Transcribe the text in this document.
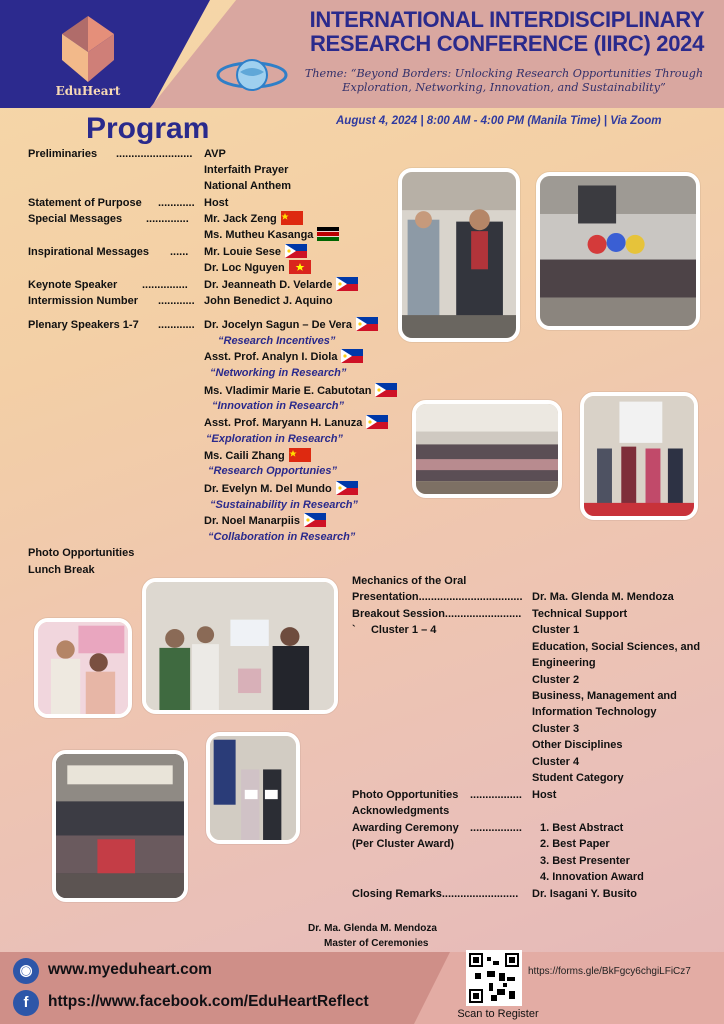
EduHeart
INTERNATIONAL INTERDISCIPLINARY
RESEARCH CONFERENCE (IIRC) 2024
Theme: “Beyond Borders: Unlocking Research Opportunities Through
Exploration, Networking, Innovation, and Sustainability”
Program	August 4, 2024 | 8:00 AM - 4:00 PM (Manila Time) | Via Zoom
Preliminaries ......................... AVP
Interfaith Prayer
National Anthem
Statement of Purpose ............ Host
Special Messages .............. Mr. Jack Zeng
Ms. Mutheu Kasanga
Inspirational Messages ...... Mr. Louie Sese
Dr. Loc Nguyen
Keynote Speaker ............... Dr. Jeanneath D. Velarde
Intermission Number ............ John Benedict J. Aquino
Plenary Speakers 1-7 ............ Dr. Jocelyn Sagun – De Vera
“Research Incentives”
Asst. Prof. Analyn I. Diola
“Networking in Research”
Ms. Vladimir Marie E. Cabutotan
“Innovation in Research”
Asst. Prof. Maryann H. Lanuza
“Exploration in Research”
Ms. Caili Zhang
“Research Opportunies”
Dr. Evelyn M. Del Mundo
“Sustainability in Research”
Dr. Noel Manarpiis
“Collaboration in Research”
Photo Opportunities
Lunch Break
Mechanics of the Oral
Presentation.................................. Dr. Ma. Glenda M. Mendoza
Breakout Session......................... Technical Support
`     Cluster 1 – 4	Cluster 1
Education, Social Sciences, and
Engineering
Cluster 2
Business, Management and
Information Technology
Cluster 3
Other Disciplines
Cluster 4
Student Category
Photo Opportunities ................. Host
Acknowledgments
Awarding Ceremony .................
(Per Cluster Award)
1. Best Abstract
2. Best Paper
3. Best Presenter
4. Innovation Award
Closing Remarks......................... Dr. Isagani Y. Busito
Dr. Ma. Glenda M. Mendoza
Master of Ceremonies
◉ www.myeduheart.com
f	https://www.facebook.com/EduHeartReflect
Scan to Register
https://forms.gle/BkFgcy6chgiLFiCz7
